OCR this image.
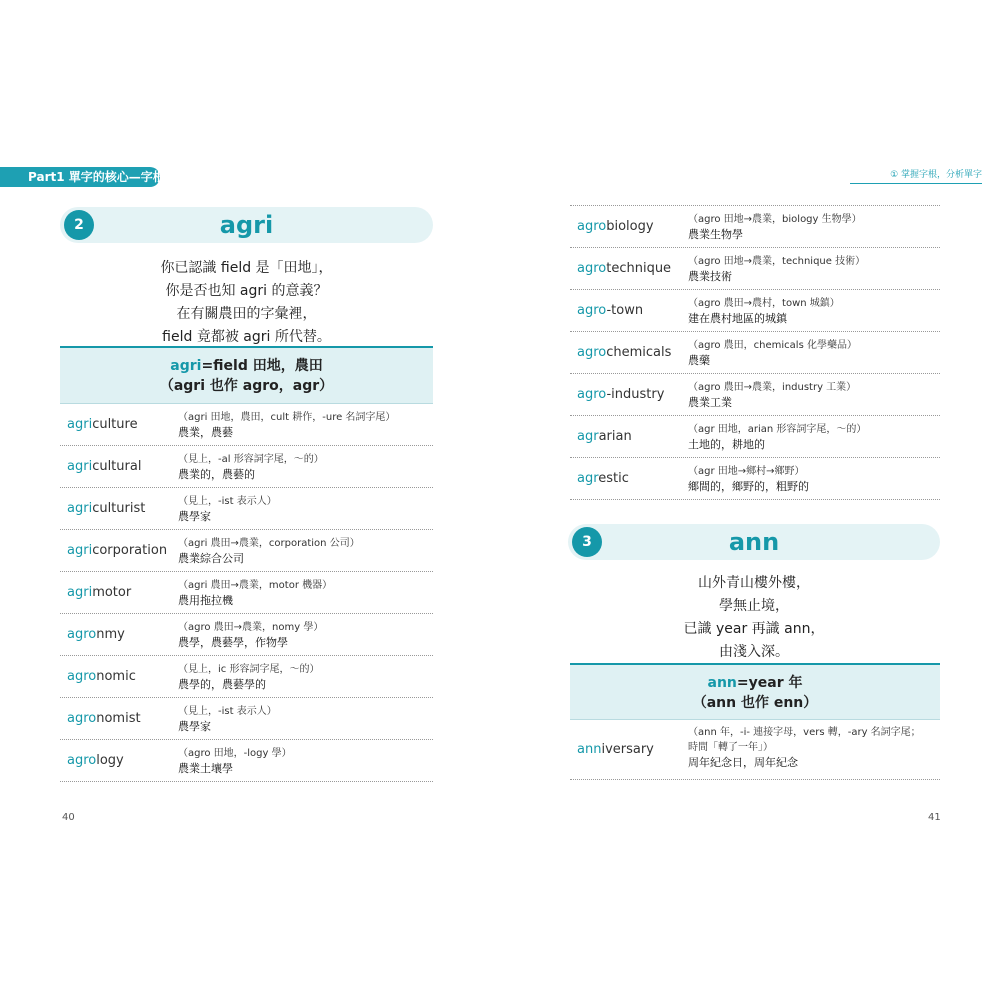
Part1 單字的核心—字根
2	agri
你已認識 field 是「田地」，
你是否也知 agri 的意義？
在有關農田的字彙裡，
field 竟都被 agri 所代替。
agri=field 田地，農田
（agri 也作 agro，agr）
agriculture	（agri 田地，農田，cult 耕作，-ure 名詞字尾）
農業，農藝
agricultural	（見上，-al 形容詞字尾，～的）
農業的，農藝的
agriculturist	（見上，-ist 表示人）
農學家
agricorporation （agri 農田→農業，corporation 公司）
農業綜合公司
agrimotor	（agri 農田→農業，motor 機器）
農用拖拉機
agronmy	（agro 農田→農業，nomy 學）
農學，農藝學，作物學
agronomic	（見上，ic 形容詞字尾，～的）
農學的，農藝學的
agronomist	（見上，-ist 表示人）
農學家
agrology	（agro 田地，-logy 學）
農業土壤學
40
① 掌握字根，分析單字
agrobiology	（agro 田地→農業，biology 生物學）
農業生物學
agrotechnique （agro 田地→農業，technique 技術）
農業技術
agro-town	（agro 農田→農村，town 城鎮）
建在農村地區的城鎮
agrochemicals （agro 農田，chemicals 化學藥品）
農藥
agro-industry （agro 農田→農業，industry 工業）
農業工業
agrarian	（agr 田地，arian 形容詞字尾，～的）
土地的，耕地的
agrestic	（agr 田地→鄉村→鄉野）
鄉間的，鄉野的，粗野的
3	ann
山外青山樓外樓，
學無止境，
已識 year 再識 ann，
由淺入深。
ann=year 年
（ann 也作 enn）
anniversary
（ann 年，-i- 連接字母，vers 轉，-ary 名詞字尾；
時間「轉了一年」）
周年紀念日，周年紀念
41
